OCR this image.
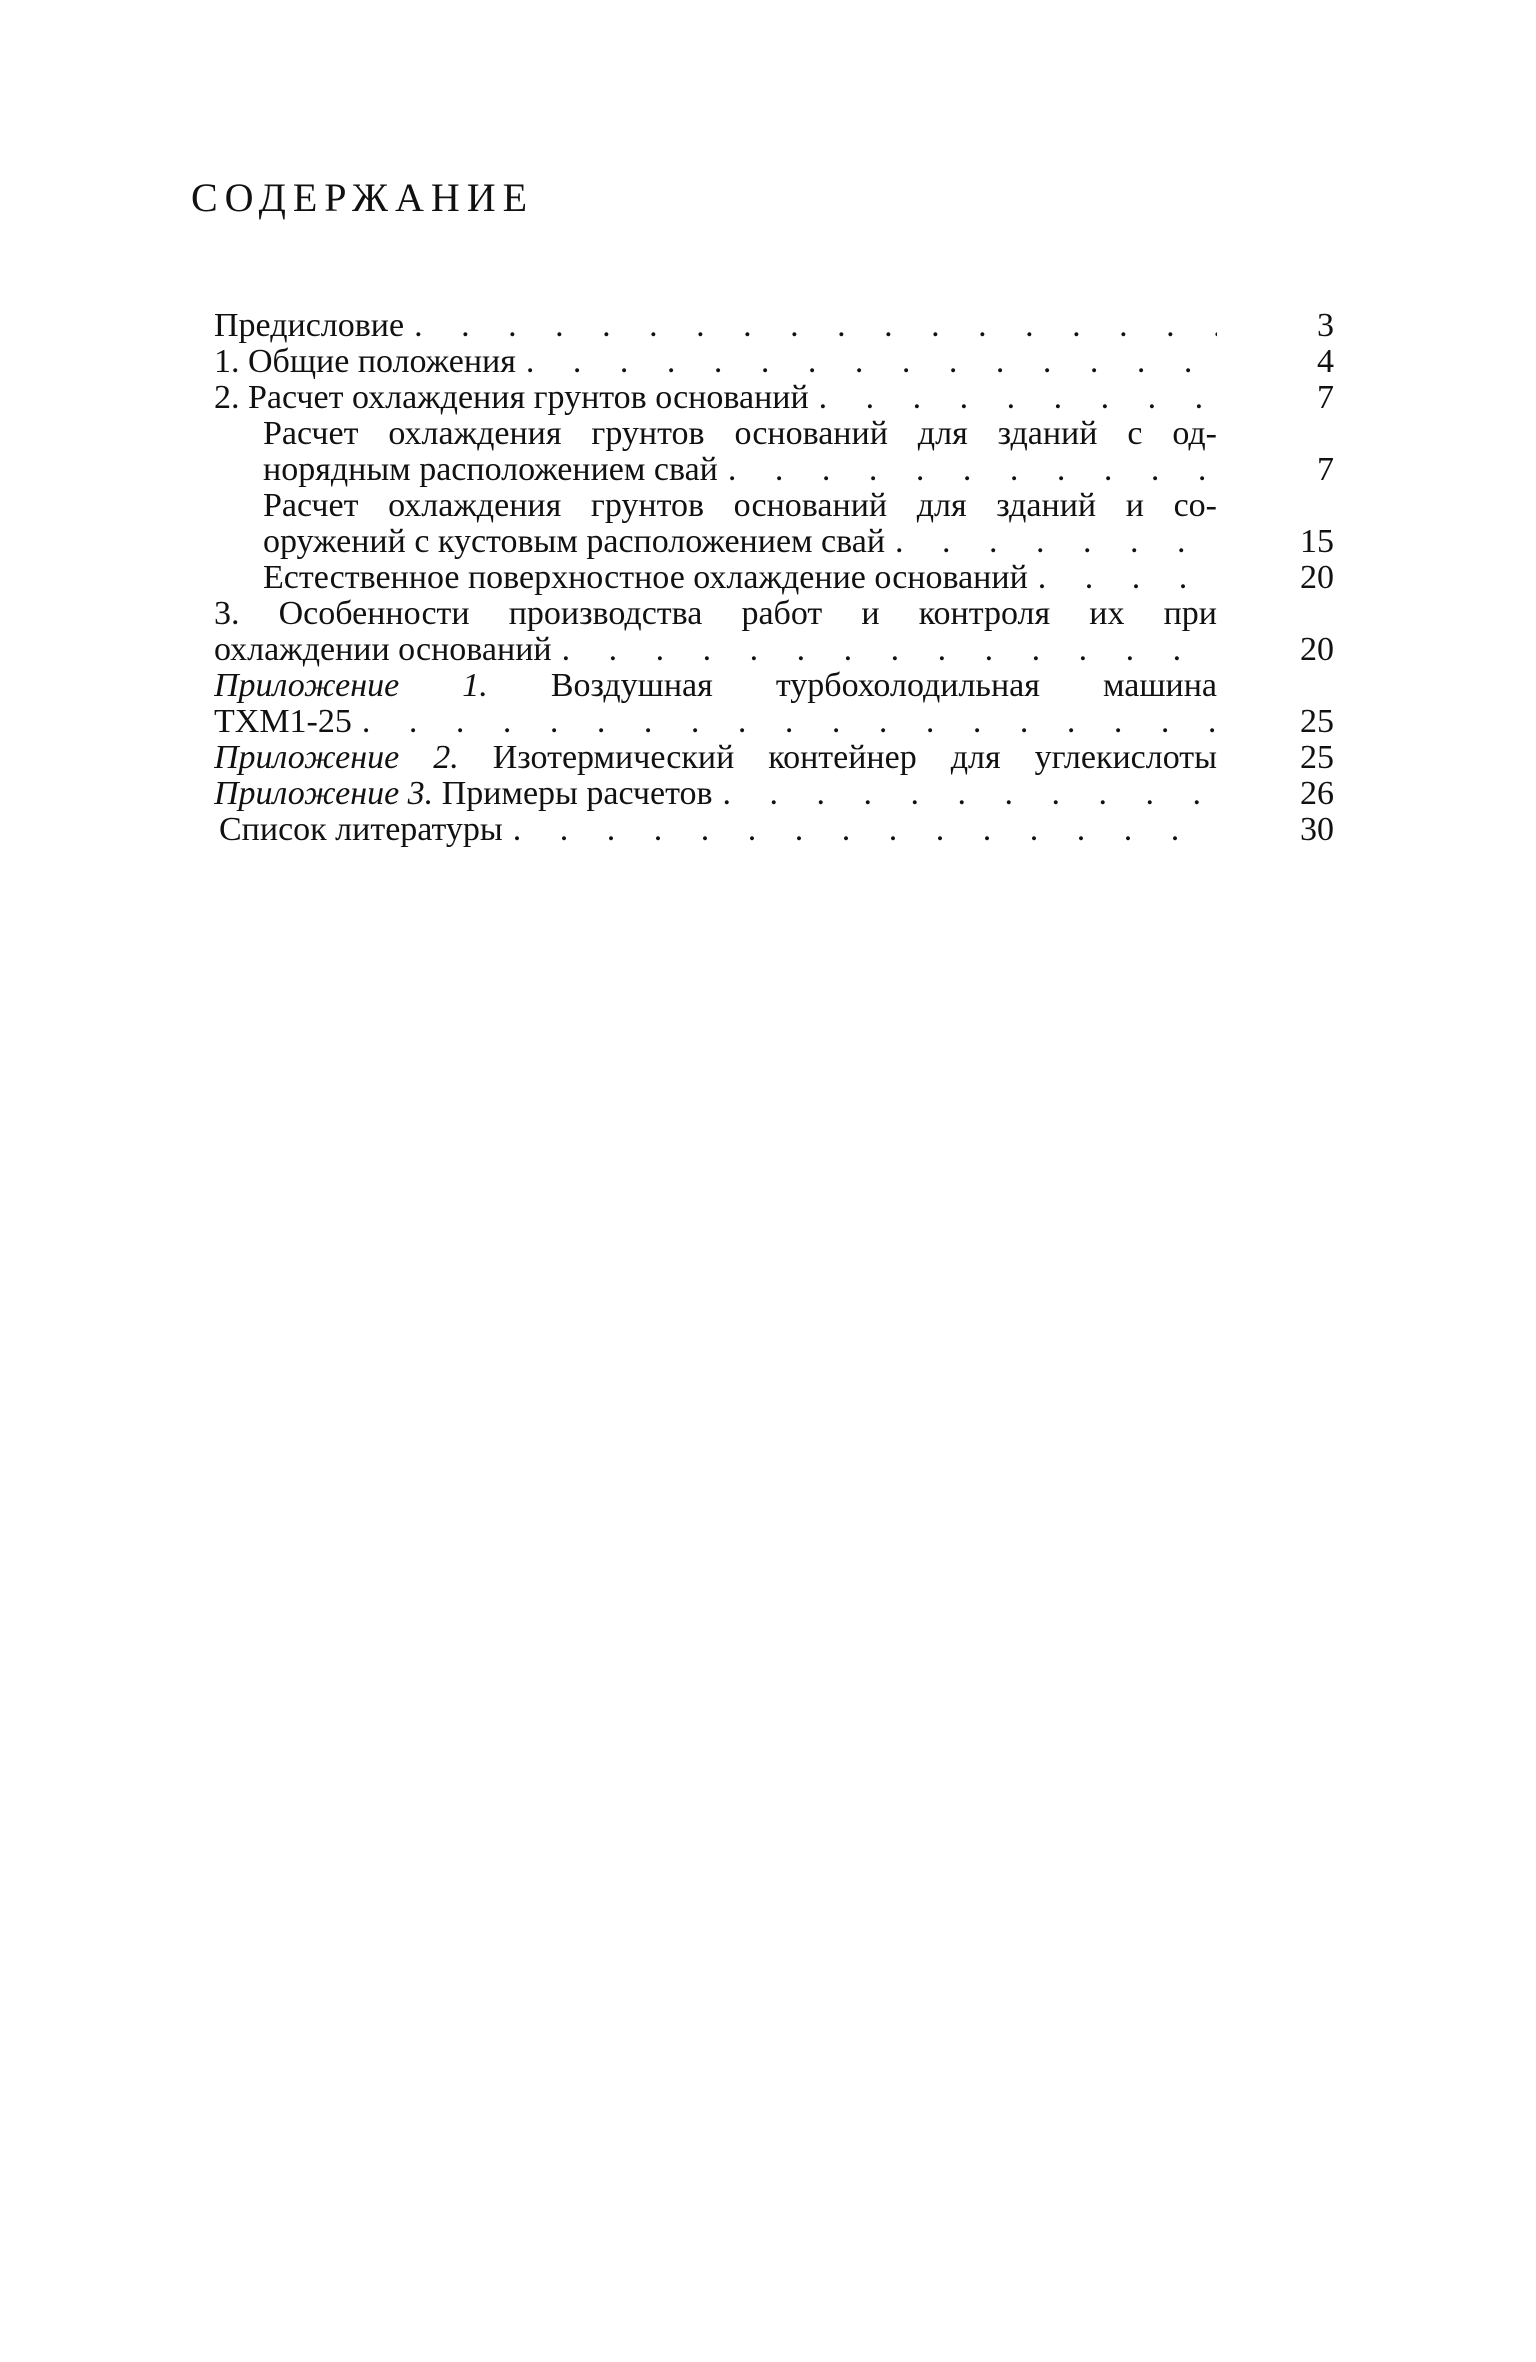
СОДЕРЖАНИЕ
Предисловие . . .	3
1. Общие положения . . .	4
2. Расчет охлаждения грунтов оснований . . .	7
Расчет охлаждения грунтов оснований для зданий с од-
норядным расположением свай . . .	7
Расчет охлаждения грунтов оснований для зданий и со-
оружений с кустовым расположением свай . . .	15
Естественное поверхностное охлаждение оснований . . .	20
3. Особенности производства работ и контроля их при
охлаждении оснований . . .	20
Приложение 1. Воздушная турбохолодильная машина
ТХМ1-25 . . .	25
Приложение 2. Изотермический контейнер для углекислоты	25
Приложение 3. Примеры расчетов . . .	26
Список литературы . . .	30
